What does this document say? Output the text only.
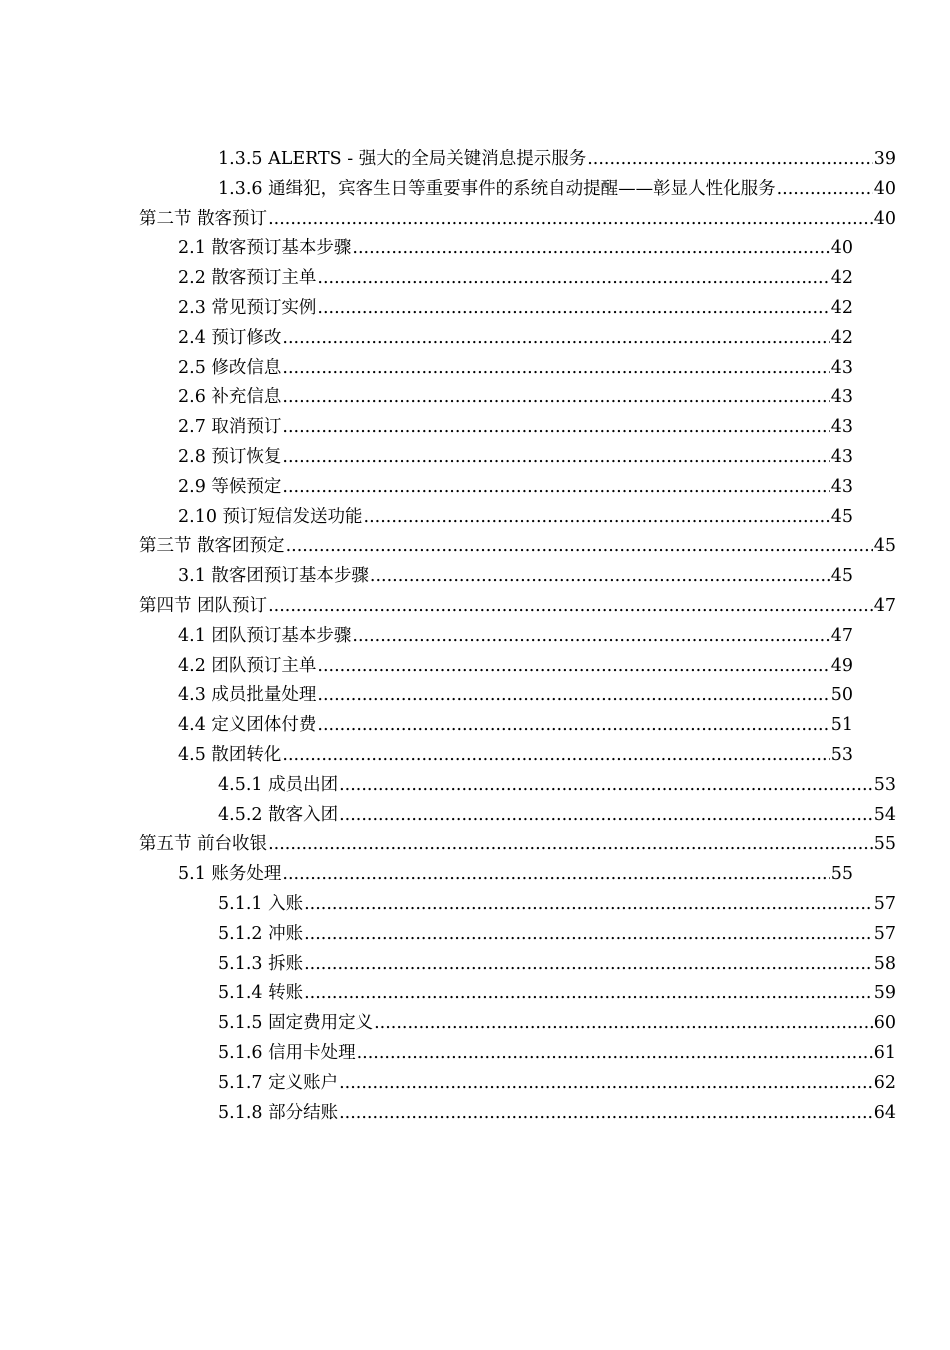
1.3.5 ALERTS - 强大的全局关键消息提示服务 .....	39
1.3.6 通缉犯，宾客生日等重要事件的系统自动提醒——彰显人性化服务 .....	40
第二节 散客预订 .....	40
2.1 散客预订基本步骤 .....	40
2.2 散客预订主单 .....	42
2.3 常见预订实例 .....	42
2.4 预订修改 .....	42
2.5 修改信息 .....	43
2.6 补充信息 .....	43
2.7 取消预订 .....	43
2.8 预订恢复 .....	43
2.9 等候预定 .....	43
2.10 预订短信发送功能 .....	45
第三节 散客团预定 .....	45
3.1 散客团预订基本步骤 .....	45
第四节 团队预订 .....	47
4.1 团队预订基本步骤 .....	47
4.2 团队预订主单 .....	49
4.3 成员批量处理 .....	50
4.4 定义团体付费 .....	51
4.5 散团转化 .....	53
4.5.1 成员出团 .....	53
4.5.2 散客入团 .....	54
第五节 前台收银 .....	55
5.1 账务处理 .....	55
5.1.1 入账 .....	57
5.1.2 冲账 .....	57
5.1.3 拆账 .....	58
5.1.4 转账 .....	59
5.1.5 固定费用定义 .....	60
5.1.6 信用卡处理 .....	61
5.1.7 定义账户 .....	62
5.1.8 部分结账 .....	64
